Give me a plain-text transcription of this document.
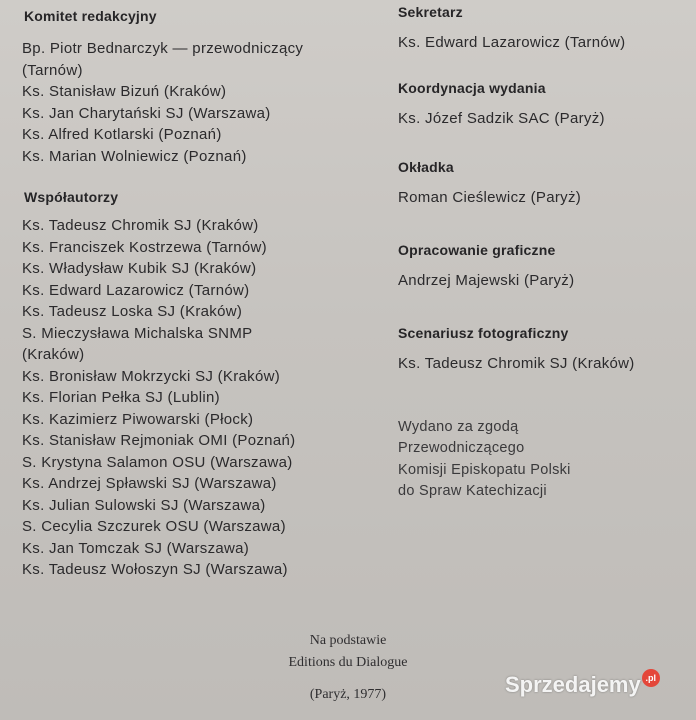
Komitet redakcyjny
Bp. Piotr Bednarczyk — przewodniczący
(Tarnów)
Ks. Stanisław Bizuń (Kraków)
Ks. Jan Charytański SJ (Warszawa)
Ks. Alfred Kotlarski (Poznań)
Ks. Marian Wolniewicz (Poznań)
Współautorzy
Ks. Tadeusz Chromik SJ (Kraków)
Ks. Franciszek Kostrzewa (Tarnów)
Ks. Władysław Kubik SJ (Kraków)
Ks. Edward Lazarowicz (Tarnów)
Ks. Tadeusz Loska SJ (Kraków)
S. Mieczysława Michalska SNMP
(Kraków)
Ks. Bronisław Mokrzycki SJ (Kraków)
Ks. Florian Pełka SJ (Lublin)
Ks. Kazimierz Piwowarski (Płock)
Ks. Stanisław Rejmoniak OMI (Poznań)
S. Krystyna Salamon OSU (Warszawa)
Ks. Andrzej Spławski SJ (Warszawa)
Ks. Julian Sulowski SJ (Warszawa)
S. Cecylia Szczurek OSU (Warszawa)
Ks. Jan Tomczak SJ (Warszawa)
Ks. Tadeusz Wołoszyn SJ (Warszawa)
Sekretarz
Ks. Edward Lazarowicz (Tarnów)
Koordynacja wydania
Ks. Józef Sadzik SAC (Paryż)
Okładka
Roman Cieślewicz (Paryż)
Opracowanie graficzne
Andrzej Majewski (Paryż)
Scenariusz fotograficzny
Ks. Tadeusz Chromik SJ (Kraków)
Wydano za zgodą
Przewodniczącego
Komisji Episkopatu Polski
do Spraw Katechizacji
Na podstawie
Editions du Dialogue
(Paryż, 1977)	Sprzedajemy .pl
